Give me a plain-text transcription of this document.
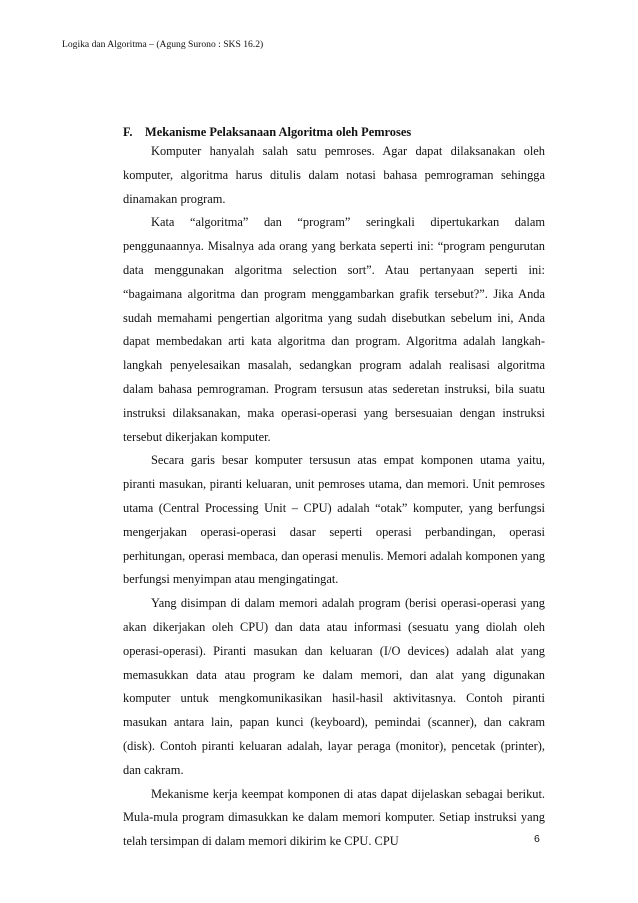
Logika dan Algoritma – (Agung Surono : SKS 16.2)
F. Mekanisme Pelaksanaan Algoritma oleh Pemroses

Komputer hanyalah salah satu pemroses. Agar dapat dilaksanakan oleh komputer, algoritma harus ditulis dalam notasi bahasa pemrograman sehingga dinamakan program.

Kata “algoritma” dan “program” seringkali dipertukarkan dalam penggunaannya. Misalnya ada orang yang berkata seperti ini: “program pengurutan data menggunakan algoritma selection sort”. Atau pertanyaan seperti ini: “bagaimana algoritma dan program menggambarkan grafik tersebut?”. Jika Anda sudah memahami pengertian algoritma yang sudah disebutkan sebelum ini, Anda dapat membedakan arti kata algoritma dan program. Algoritma adalah langkah-langkah penyelesaikan masalah, sedangkan program adalah realisasi algoritma dalam bahasa pemrograman. Program tersusun atas sederetan instruksi, bila suatu instruksi dilaksanakan, maka operasi-operasi yang bersesuaian dengan instruksi tersebut dikerjakan komputer.

Secara garis besar komputer tersusun atas empat komponen utama yaitu, piranti masukan, piranti keluaran, unit pemroses utama, dan memori. Unit pemroses utama (Central Processing Unit – CPU) adalah “otak” komputer, yang berfungsi mengerjakan operasi-operasi dasar seperti operasi perbandingan, operasi perhitungan, operasi membaca, dan operasi menulis. Memori adalah komponen yang berfungsi menyimpan atau mengingatingat.

Yang disimpan di dalam memori adalah program (berisi operasi-operasi yang akan dikerjakan oleh CPU) dan data atau informasi (sesuatu yang diolah oleh operasi-operasi). Piranti masukan dan keluaran (I/O devices) adalah alat yang memasukkan data atau program ke dalam memori, dan alat yang digunakan komputer untuk mengkomunikasikan hasil-hasil aktivitasnya. Contoh piranti masukan antara lain, papan kunci (keyboard), pemindai (scanner), dan cakram (disk). Contoh piranti keluaran adalah, layar peraga (monitor), pencetak (printer), dan cakram.

Mekanisme kerja keempat komponen di atas dapat dijelaskan sebagai berikut. Mula-mula program dimasukkan ke dalam memori komputer. Setiap instruksi yang telah tersimpan di dalam memori dikirim ke CPU. CPU	6
